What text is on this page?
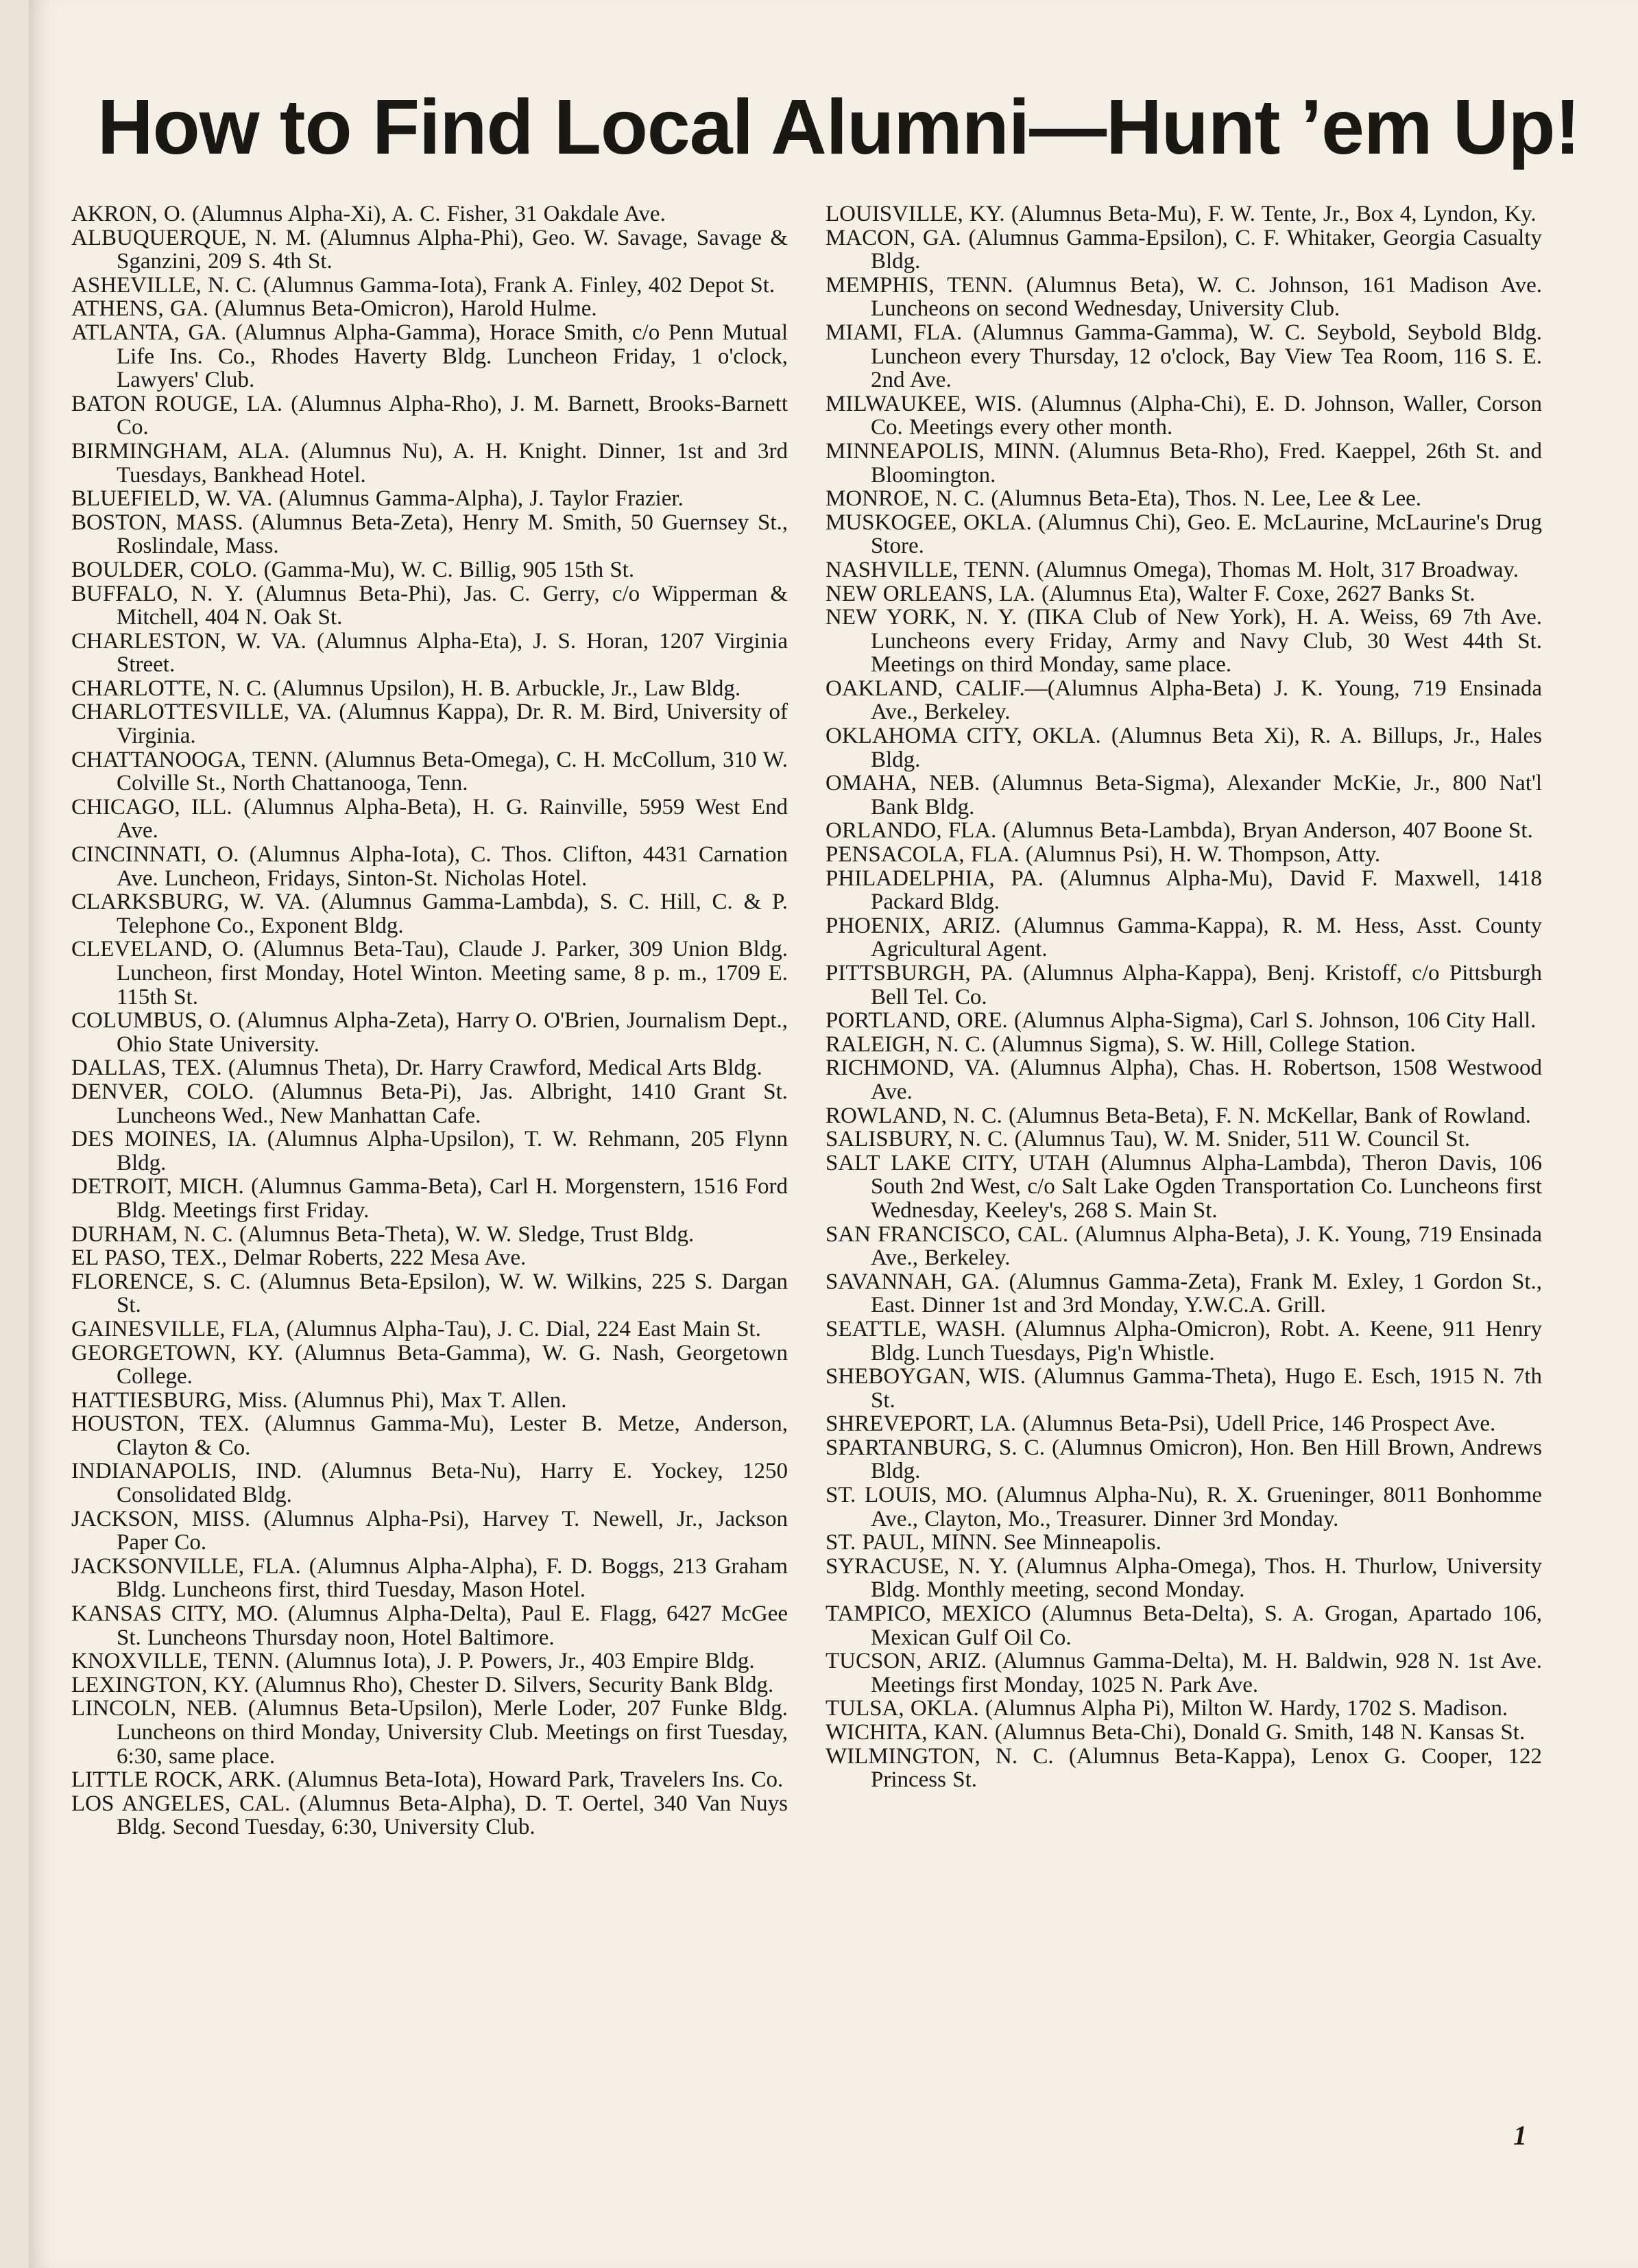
How to Find Local Alumni—Hunt ’em Up!

AKRON, O. (Alumnus Alpha-Xi), A. C. Fisher, 31 Oakdale Ave.

ALBUQUERQUE, N. M. (Alumnus Alpha-Phi), Geo. W. Savage, Savage & Sganzini, 209 S. 4th St.

ASHEVILLE, N. C. (Alumnus Gamma-Iota), Frank A. Finley, 402 Depot St.

ATHENS, GA. (Alumnus Beta-Omicron), Harold Hulme.

ATLANTA, GA. (Alumnus Alpha-Gamma), Horace Smith, c/o Penn Mutual Life Ins. Co., Rhodes Haverty Bldg. Luncheon Friday, 1 o'clock, Lawyers' Club.

BATON ROUGE, LA. (Alumnus Alpha-Rho), J. M. Barnett, Brooks-Barnett Co.

BIRMINGHAM, ALA. (Alumnus Nu), A. H. Knight. Dinner, 1st and 3rd Tuesdays, Bankhead Hotel.

BLUEFIELD, W. VA. (Alumnus Gamma-Alpha), J. Taylor Frazier.

BOSTON, MASS. (Alumnus Beta-Zeta), Henry M. Smith, 50 Guernsey St., Roslindale, Mass.

BOULDER, COLO. (Gamma-Mu), W. C. Billig, 905 15th St.

BUFFALO, N. Y. (Alumnus Beta-Phi), Jas. C. Gerry, c/o Wipperman & Mitchell, 404 N. Oak St.

CHARLESTON, W. VA. (Alumnus Alpha-Eta), J. S. Horan, 1207 Virginia Street.

CHARLOTTE, N. C. (Alumnus Upsilon), H. B. Arbuckle, Jr., Law Bldg.

CHARLOTTESVILLE, VA. (Alumnus Kappa), Dr. R. M. Bird, University of Virginia.

CHATTANOOGA, TENN. (Alumnus Beta-Omega), C. H. McCollum, 310 W. Colville St., North Chattanooga, Tenn.

CHICAGO, ILL. (Alumnus Alpha-Beta), H. G. Rainville, 5959 West End Ave.

CINCINNATI, O. (Alumnus Alpha-Iota), C. Thos. Clifton, 4431 Carnation Ave. Luncheon, Fridays, Sinton-St. Nicholas Hotel.

CLARKSBURG, W. VA. (Alumnus Gamma-Lambda), S. C. Hill, C. & P. Telephone Co., Exponent Bldg.

CLEVELAND, O. (Alumnus Beta-Tau), Claude J. Parker, 309 Union Bldg. Luncheon, first Monday, Hotel Winton. Meeting same, 8 p. m., 1709 E. 115th St.

COLUMBUS, O. (Alumnus Alpha-Zeta), Harry O. O'Brien, Journalism Dept., Ohio State University.

DALLAS, TEX. (Alumnus Theta), Dr. Harry Crawford, Medical Arts Bldg.

DENVER, COLO. (Alumnus Beta-Pi), Jas. Albright, 1410 Grant St. Luncheons Wed., New Manhattan Cafe.

DES MOINES, IA. (Alumnus Alpha-Upsilon), T. W. Rehmann, 205 Flynn Bldg.

DETROIT, MICH. (Alumnus Gamma-Beta), Carl H. Morgenstern, 1516 Ford Bldg. Meetings first Friday.

DURHAM, N. C. (Alumnus Beta-Theta), W. W. Sledge, Trust Bldg.

EL PASO, TEX., Delmar Roberts, 222 Mesa Ave.

FLORENCE, S. C. (Alumnus Beta-Epsilon), W. W. Wilkins, 225 S. Dargan St.

GAINESVILLE, FLA, (Alumnus Alpha-Tau), J. C. Dial, 224 East Main St.

GEORGETOWN, KY. (Alumnus Beta-Gamma), W. G. Nash, Georgetown College.

HATTIESBURG, Miss. (Alumnus Phi), Max T. Allen.

HOUSTON, TEX. (Alumnus Gamma-Mu), Lester B. Metze, Anderson, Clayton & Co.

INDIANAPOLIS, IND. (Alumnus Beta-Nu), Harry E. Yockey, 1250 Consolidated Bldg.

JACKSON, MISS. (Alumnus Alpha-Psi), Harvey T. Newell, Jr., Jackson Paper Co.

JACKSONVILLE, FLA. (Alumnus Alpha-Alpha), F. D. Boggs, 213 Graham Bldg. Luncheons first, third Tuesday, Mason Hotel.

KANSAS CITY, MO. (Alumnus Alpha-Delta), Paul E. Flagg, 6427 McGee St. Luncheons Thursday noon, Hotel Baltimore.

KNOXVILLE, TENN. (Alumnus Iota), J. P. Powers, Jr., 403 Empire Bldg.

LEXINGTON, KY. (Alumnus Rho), Chester D. Silvers, Security Bank Bldg.

LINCOLN, NEB. (Alumnus Beta-Upsilon), Merle Loder, 207 Funke Bldg. Luncheons on third Monday, University Club. Meetings on first Tuesday, 6:30, same place.

LITTLE ROCK, ARK. (Alumnus Beta-Iota), Howard Park, Travelers Ins. Co.

LOS ANGELES, CAL. (Alumnus Beta-Alpha), D. T. Oertel, 340 Van Nuys Bldg. Second Tuesday, 6:30, University Club.

LOUISVILLE, KY. (Alumnus Beta-Mu), F. W. Tente, Jr., Box 4, Lyndon, Ky.

MACON, GA. (Alumnus Gamma-Epsilon), C. F. Whitaker, Georgia Casualty Bldg.

MEMPHIS, TENN. (Alumnus Beta), W. C. Johnson, 161 Madison Ave. Luncheons on second Wednesday, University Club.

MIAMI, FLA. (Alumnus Gamma-Gamma), W. C. Seybold, Seybold Bldg. Luncheon every Thursday, 12 o'clock, Bay View Tea Room, 116 S. E. 2nd Ave.

MILWAUKEE, WIS. (Alumnus (Alpha-Chi), E. D. Johnson, Waller, Corson Co. Meetings every other month.

MINNEAPOLIS, MINN. (Alumnus Beta-Rho), Fred. Kaeppel, 26th St. and Bloomington.

MONROE, N. C. (Alumnus Beta-Eta), Thos. N. Lee, Lee & Lee.

MUSKOGEE, OKLA. (Alumnus Chi), Geo. E. McLaurine, McLaurine's Drug Store.

NASHVILLE, TENN. (Alumnus Omega), Thomas M. Holt, 317 Broadway.

NEW ORLEANS, LA. (Alumnus Eta), Walter F. Coxe, 2627 Banks St.

NEW YORK, N. Y. (ΠKA Club of New York), H. A. Weiss, 69 7th Ave. Luncheons every Friday, Army and Navy Club, 30 West 44th St. Meetings on third Monday, same place.

OAKLAND, CALIF.—(Alumnus Alpha-Beta) J. K. Young, 719 Ensinada Ave., Berkeley.

OKLAHOMA CITY, OKLA. (Alumnus Beta Xi), R. A. Billups, Jr., Hales Bldg.

OMAHA, NEB. (Alumnus Beta-Sigma), Alexander McKie, Jr., 800 Nat'l Bank Bldg.

ORLANDO, FLA. (Alumnus Beta-Lambda), Bryan Anderson, 407 Boone St.

PENSACOLA, FLA. (Alumnus Psi), H. W. Thompson, Atty.

PHILADELPHIA, PA. (Alumnus Alpha-Mu), David F. Maxwell, 1418 Packard Bldg.

PHOENIX, ARIZ. (Alumnus Gamma-Kappa), R. M. Hess, Asst. County Agricultural Agent.

PITTSBURGH, PA. (Alumnus Alpha-Kappa), Benj. Kristoff, c/o Pittsburgh Bell Tel. Co.

PORTLAND, ORE. (Alumnus Alpha-Sigma), Carl S. Johnson, 106 City Hall.

RALEIGH, N. C. (Alumnus Sigma), S. W. Hill, College Station.

RICHMOND, VA. (Alumnus Alpha), Chas. H. Robertson, 1508 Westwood Ave.

ROWLAND, N. C. (Alumnus Beta-Beta), F. N. McKellar, Bank of Rowland.

SALISBURY, N. C. (Alumnus Tau), W. M. Snider, 511 W. Council St.

SALT LAKE CITY, UTAH (Alumnus Alpha-Lambda), Theron Davis, 106 South 2nd West, c/o Salt Lake Ogden Transportation Co. Luncheons first Wednesday, Keeley's, 268 S. Main St.

SAN FRANCISCO, CAL. (Alumnus Alpha-Beta), J. K. Young, 719 Ensinada Ave., Berkeley.

SAVANNAH, GA. (Alumnus Gamma-Zeta), Frank M. Exley, 1 Gordon St., East. Dinner 1st and 3rd Monday, Y.W.C.A. Grill.

SEATTLE, WASH. (Alumnus Alpha-Omicron), Robt. A. Keene, 911 Henry Bldg. Lunch Tuesdays, Pig'n Whistle.

SHEBOYGAN, WIS. (Alumnus Gamma-Theta), Hugo E. Esch, 1915 N. 7th St.

SHREVEPORT, LA. (Alumnus Beta-Psi), Udell Price, 146 Prospect Ave.

SPARTANBURG, S. C. (Alumnus Omicron), Hon. Ben Hill Brown, Andrews Bldg.

ST. LOUIS, MO. (Alumnus Alpha-Nu), R. X. Grueninger, 8011 Bonhomme Ave., Clayton, Mo., Treasurer. Dinner 3rd Monday.

ST. PAUL, MINN. See Minneapolis.

SYRACUSE, N. Y. (Alumnus Alpha-Omega), Thos. H. Thurlow, University Bldg. Monthly meeting, second Monday.

TAMPICO, MEXICO (Alumnus Beta-Delta), S. A. Grogan, Apartado 106, Mexican Gulf Oil Co.

TUCSON, ARIZ. (Alumnus Gamma-Delta), M. H. Baldwin, 928 N. 1st Ave. Meetings first Monday, 1025 N. Park Ave.

TULSA, OKLA. (Alumnus Alpha Pi), Milton W. Hardy, 1702 S. Madison.

WICHITA, KAN. (Alumnus Beta-Chi), Donald G. Smith, 148 N. Kansas St.

WILMINGTON, N. C. (Alumnus Beta-Kappa), Lenox G. Cooper, 122 Princess St.

1
